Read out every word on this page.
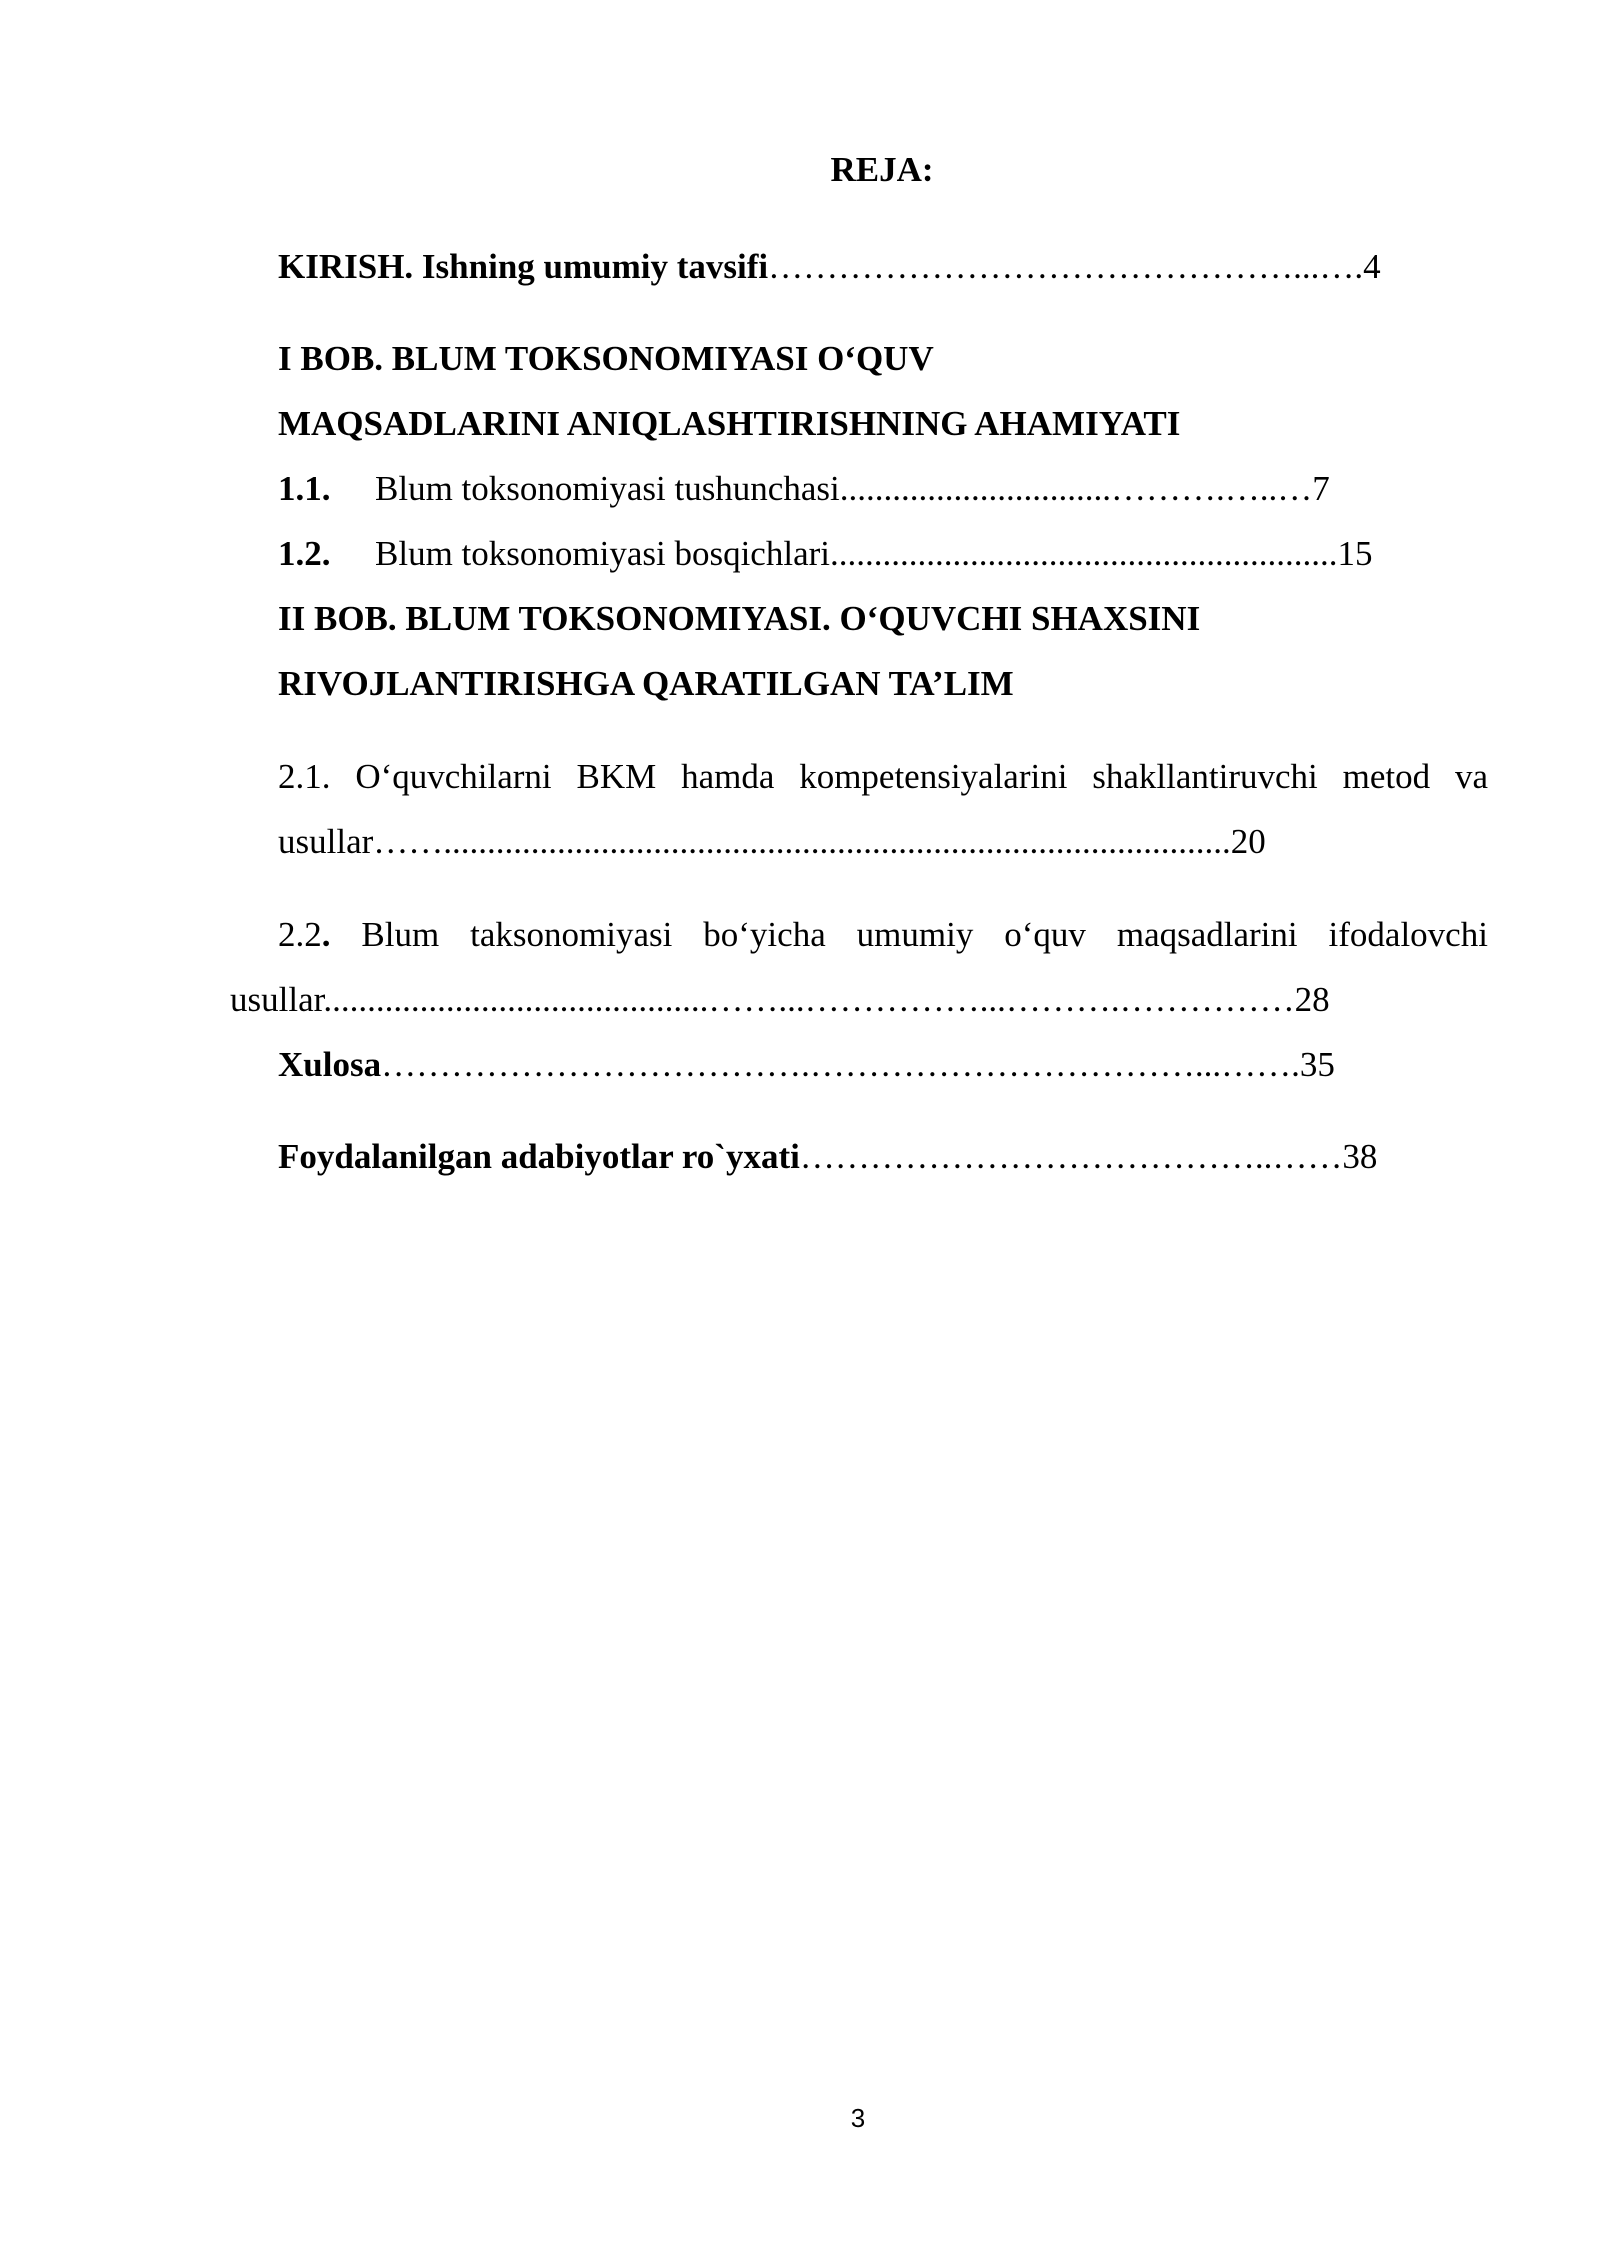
REJA:
KIRISH. Ishning umumiy tavsifi………………………………………...….4
I BOB. BLUM TOKSONOMIYASI O‘QUV
MAQSADLARINI ANIQLASHTIRISHNING AHAMIYATI
1.1. Blum toksonomiyasi tushunchasi...............................……….…..…7
1.2. Blum toksonomiyasi bosqichlari..........................................................15
II BOB. BLUM TOKSONOMIYASI. O‘QUVCHI SHAXSINI
RIVOJLANTIRISHGA QARATILGAN TA’LIM
2.1. O‘quvchilarni BKM hamda kompetensiyalarini shakllantiruvchi metod va
usullar……..........................................................................................20
2.2. Blum taksonomiyasi bo‘yicha umumiy o‘quv maqsadlarini ifodalovchi
usullar............................................……...……………...……….……………28
Xulosa……………………………….……………………………...…….35
Foydalanilgan adabiyotlar ro`yxati…………………………………..……38
3
